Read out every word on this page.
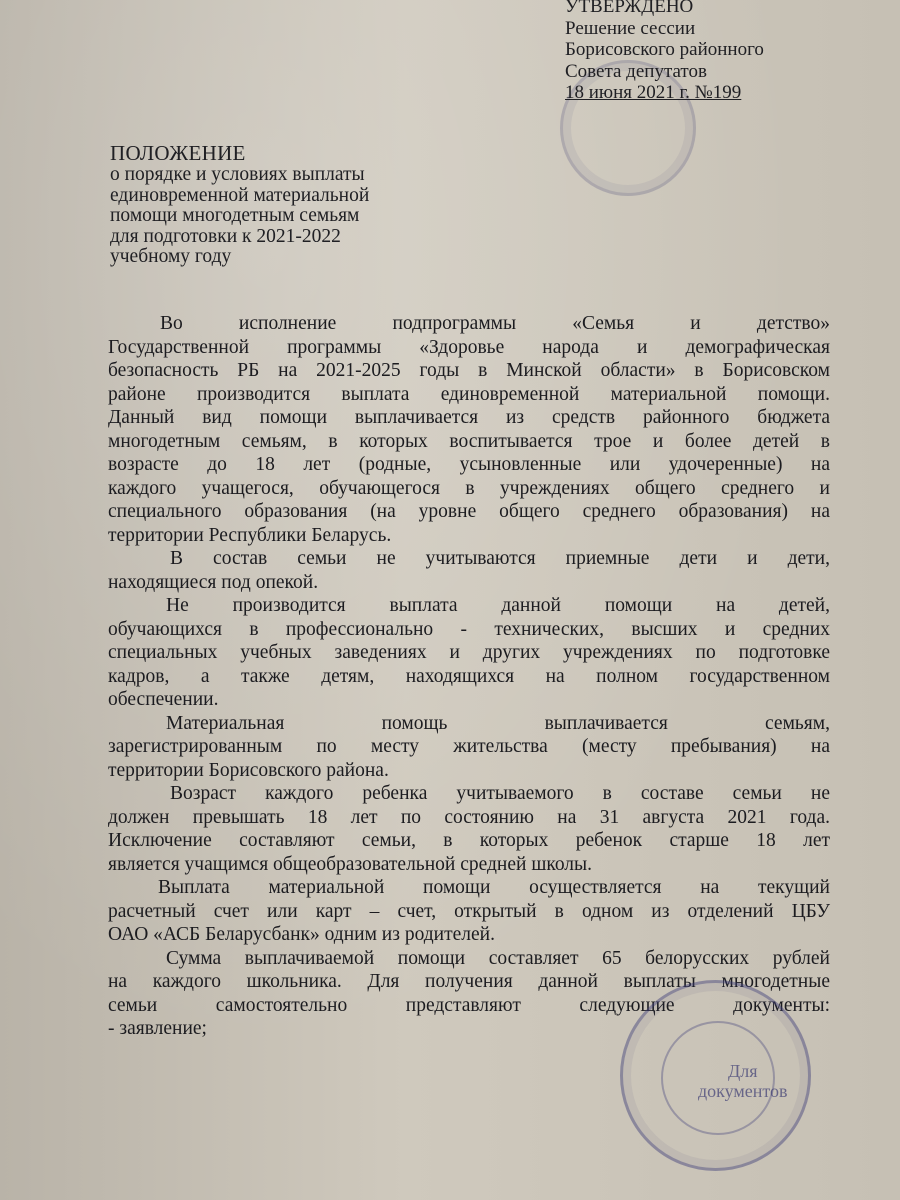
УТВЕРЖДЕНО
Решение сессии
Борисовского районного
Совета депутатов
18 июня 2021 г. №199
ПОЛОЖЕНИЕ
о порядке и условиях выплаты
единовременной материальной
помощи многодетным семьям
для подготовки к 2021-2022
учебному году
Во исполнение подпрограммы «Семья и детство»
Государственной программы «Здоровье народа и демографическая
безопасность РБ на 2021-2025 годы в Минской области» в Борисовском
районе производится выплата единовременной материальной помощи.
Данный вид помощи выплачивается из средств районного бюджета
многодетным семьям, в которых воспитывается трое и более детей в
возрасте до 18 лет (родные, усыновленные или удочеренные) на
каждого учащегося, обучающегося в учреждениях общего среднего и
специального образования (на уровне общего среднего образования) на
территории Республики Беларусь.
В состав семьи не учитываются приемные дети и дети,
находящиеся под опекой.
Не производится выплата данной помощи на детей,
обучающихся в профессионально - технических, высших и средних
специальных учебных заведениях и других учреждениях по подготовке
кадров, а также детям, находящихся на полном государственном
обеспечении.
Материальная помощь выплачивается семьям,
зарегистрированным по месту жительства (месту пребывания) на
территории Борисовского района.
Возраст каждого ребенка учитываемого в составе семьи не
должен превышать 18 лет по состоянию на 31 августа 2021 года.
Исключение составляют семьи, в которых ребенок старше 18 лет
является учащимся общеобразовательной средней школы.
Выплата материальной помощи осуществляется на текущий
расчетный счет или карт – счет, открытый в одном из отделений ЦБУ
ОАО «АСБ Беларусбанк» одним из родителей.
Сумма выплачиваемой помощи составляет 65 белорусских рублей
на каждого школьника. Для получения данной выплаты многодетные
семьи самостоятельно представляют следующие документы:
- заявление;
Для
документов
